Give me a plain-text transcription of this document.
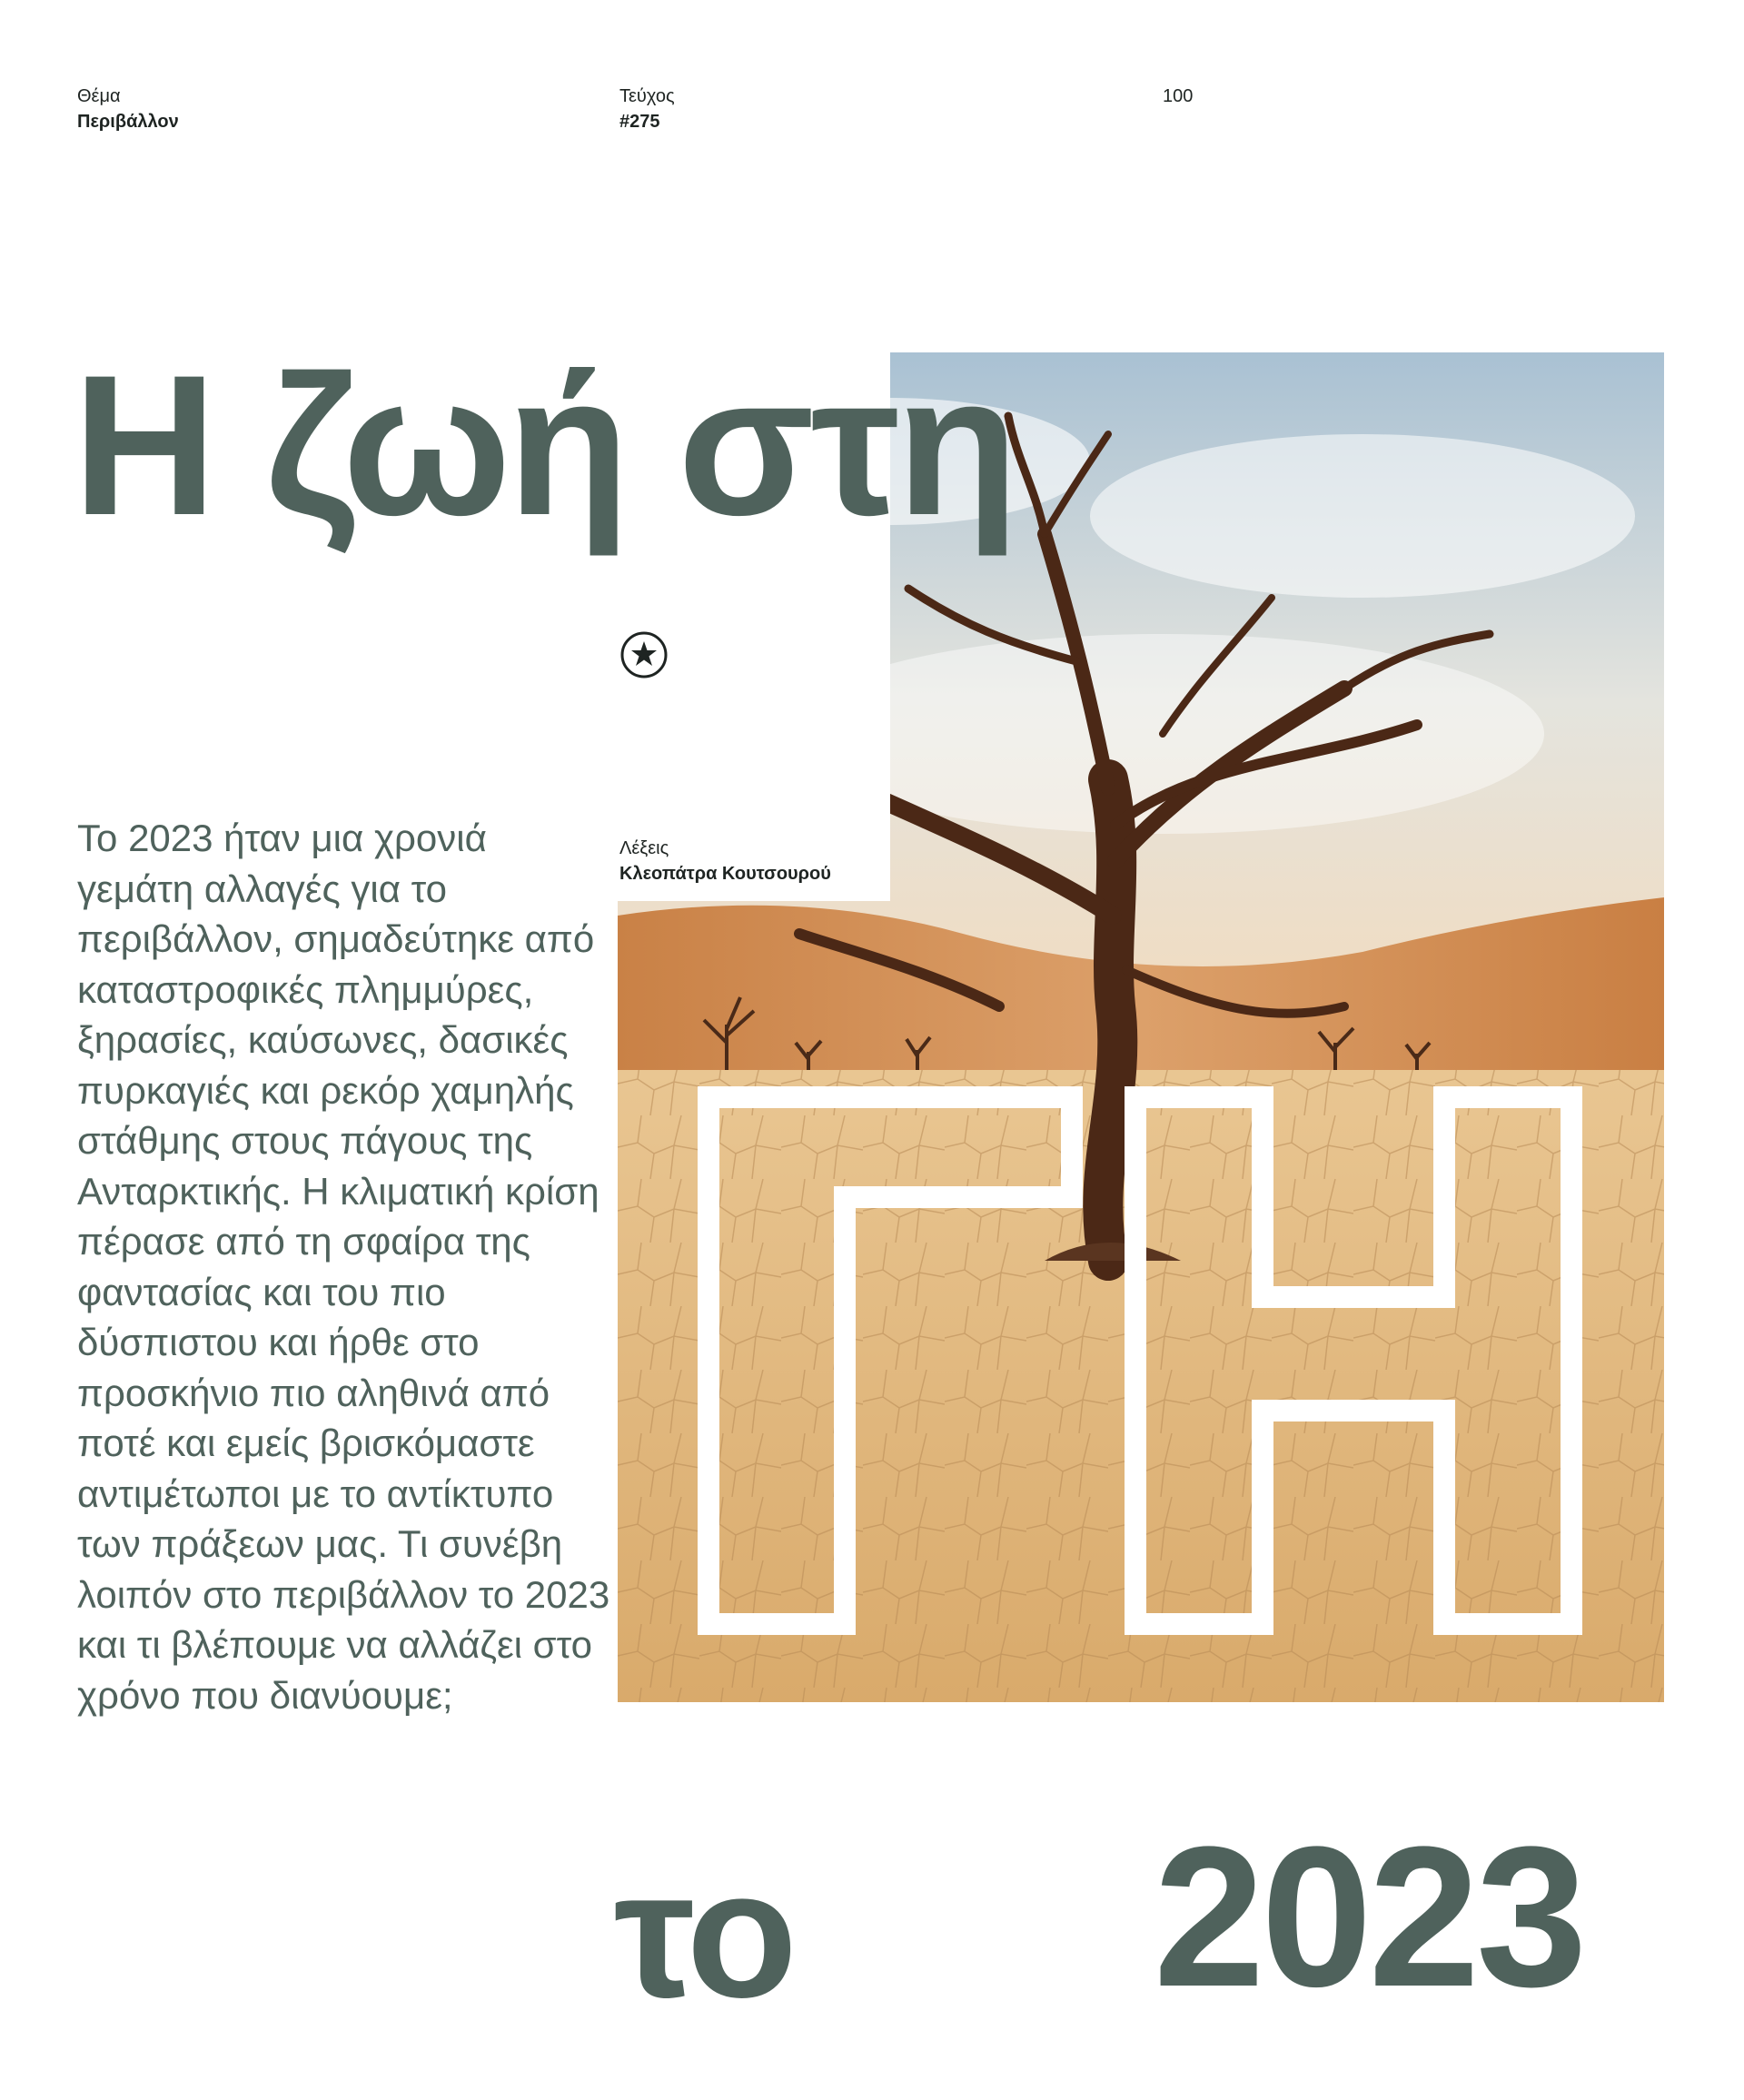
Θέμα
Περιβάλλον
Τεύχος
#275
100
Η ζωή στη
Λέξεις
Κλεοπάτρα Κουτσουρού
Το 2023 ήταν μια χρονιά γεμάτη αλλαγές για το περιβάλλον, σημαδεύτηκε από καταστροφικές πλημμύρες, ξηρασίες, καύσωνες, δασικές πυρκαγιές και ρεκόρ χαμηλής στάθμης στους πάγους της Ανταρκτικής. Η κλιματική κρίση πέρασε από τη σφαίρα της φαντασίας και του πιο δύσπιστου και ήρθε στο προσκήνιο πιο αληθινά από ποτέ και εμείς βρισκόμαστε αντιμέτωποι με το αντίκτυπο των πράξεων μας. Τι συνέβη λοιπόν στο περιβάλλον το 2023 και τι βλέπουμε να αλλάζει στο χρόνο που διανύουμε;
το 2023
